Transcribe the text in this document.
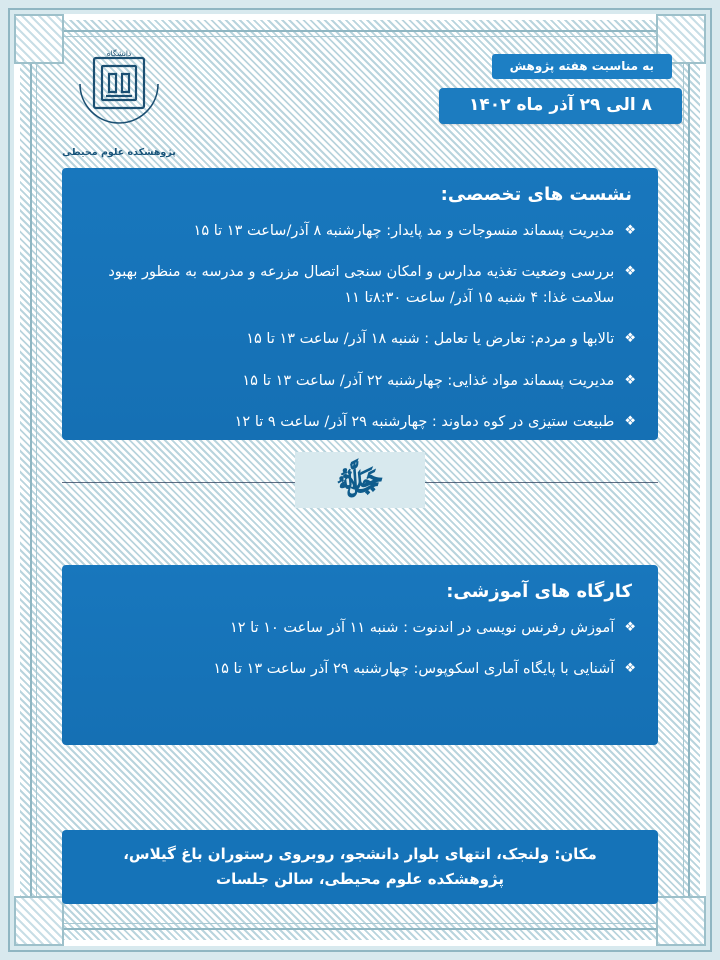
به مناسبت هفته پژوهش
۸ الی ۲۹ آذر ماه ۱۴۰۲
دانشگاه
پژوهشکده علوم محیطی
نشست های تخصصی:
❖
مدیریت پسماند منسوجات و مد پایدار: چهارشنبه ۸ آذر/ساعت ۱۳ تا ۱۵
❖
بررسی وضعیت تغذیه مدارس و امکان سنجی اتصال مزرعه و مدرسه به منظور بهبود سلامت غذا: ۴ شنبه ۱۵ آذر/ ساعت ۸:۳۰تا ۱۱
❖
تالابها و مردم: تعارض یا تعامل : شنبه ۱۸ آذر/ ساعت ۱۳ تا ۱۵
❖
مدیریت پسماند مواد غذایی: چهارشنبه ۲۲ آذر/ ساعت ۱۳ تا ۱۵
❖
طبیعت ستیزی در کوه دماوند : چهارشنبه ۲۹ آذر/ ساعت ۹ تا ۱۲
ﷻ
کارگاه های آموزشی:
❖
آموزش رفرنس نویسی در اندنوت : شنبه ۱۱ آذر ساعت ۱۰ تا ۱۲
❖
آشنایی با پایگاه آماری اسکوپوس: چهارشنبه ۲۹ آذر ساعت ۱۳ تا ۱۵
مکان: ولنجک، انتهای بلوار دانشجو، روبروی رستوران باغ گیلاس، پژوهشکده علوم محیطی، سالن جلسات
